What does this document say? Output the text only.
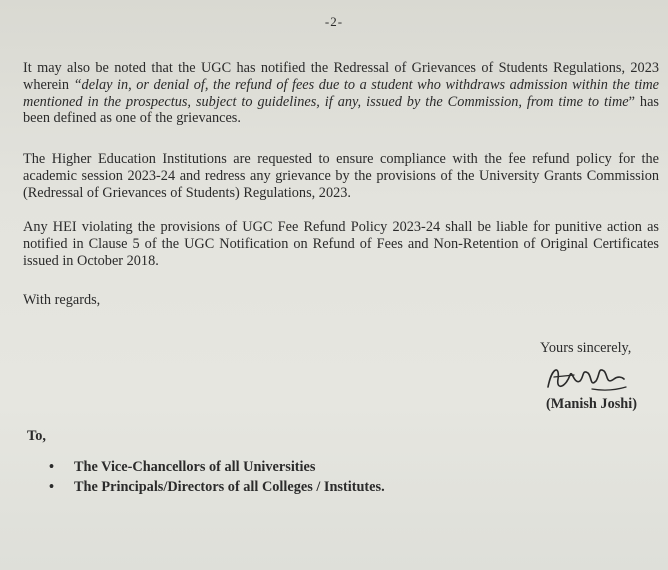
-2-

It may also be noted that the UGC has notified the Redressal of Grievances of Students Regulations, 2023 wherein “delay in, or denial of, the refund of fees due to a student who withdraws admission within the time mentioned in the prospectus, subject to guidelines, if any, issued by the Commission, from time to time” has been defined as one of the grievances.

The Higher Education Institutions are requested to ensure compliance with the fee refund policy for the academic session 2023-24 and redress any grievance by the provisions of the University Grants Commission (Redressal of Grievances of Students) Regulations, 2023.

Any HEI violating the provisions of UGC Fee Refund Policy 2023-24 shall be liable for punitive action as notified in Clause 5 of the UGC Notification on Refund of Fees and Non-Retention of Original Certificates issued in October 2018.

With regards,

Yours sincerely,
(Manish Joshi)
To,
• The Vice-Chancellors of all Universities
• The Principals/Directors of all Colleges / Institutes.
